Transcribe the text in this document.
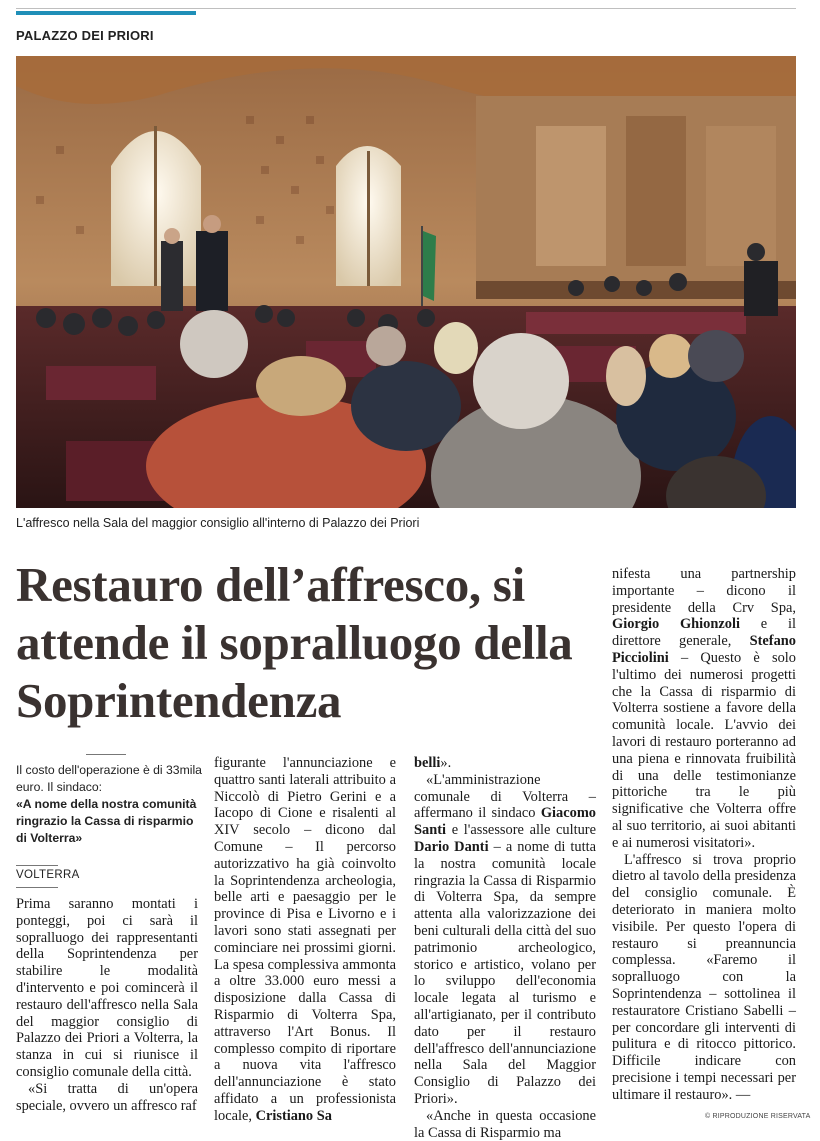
PALAZZO DEI PRIORI
L'affresco nella Sala del maggior consiglio all'interno di Palazzo dei Priori
Restauro dell’affresco, si attende il sopralluogo della Soprintendenza
Il costo dell'operazione è di 33mila euro. Il sindaco:
«A nome della nostra comunità ringrazio la Cassa di risparmio di Volterra»
VOLTERRA

Prima saranno montati i ponteggi, poi ci sarà il sopralluogo dei rappresentanti della Soprintendenza per stabilire le modalità d'intervento e poi comincerà il restauro dell'affresco nella Sala del maggior consiglio di Palazzo dei Priori a Volterra, la stanza in cui si riunisce il consiglio comunale della città.

«Si tratta di un'opera speciale, ovvero un affresco raf

figurante l'annunciazione e quattro santi laterali attribuito a Niccolò di Pietro Gerini e a Iacopo di Cione e risalenti al XIV secolo – dicono dal Comune – Il percorso autorizzativo ha già coinvolto la Soprintendenza archeologia, belle arti e paesaggio per le province di Pisa e Livorno e i lavori sono stati assegnati per cominciare nei prossimi giorni. La spesa complessiva ammonta a oltre 33.000 euro messi a disposizione dalla Cassa di Risparmio di Volterra Spa, attraverso l'Art Bonus. Il complesso compito di riportare a nuova vita l'affresco dell'annunciazione è stato affidato a un professionista locale, Cristiano Sa

belli».

«L'amministrazione comunale di Volterra – affermano il sindaco Giacomo Santi e l'assessore alle culture Dario Danti – a nome di tutta la nostra comunità locale ringrazia la Cassa di Risparmio di Volterra Spa, da sempre attenta alla valorizzazione dei beni culturali della città del suo patrimonio archeologico, storico e artistico, volano per lo sviluppo dell'economia locale legata al turismo e all'artigianato, per il contributo dato per il restauro dell'affresco dell'annunciazione nella Sala del Maggior Consiglio di Palazzo dei Priori».

«Anche in questa occasione la Cassa di Risparmio ma

nifesta una partnership importante – dicono il presidente della Crv Spa, Giorgio Ghionzoli e il direttore generale, Stefano Picciolini – Questo è solo l'ultimo dei numerosi progetti che la Cassa di risparmio di Volterra sostiene a favore della comunità locale. L'avvio dei lavori di restauro porteranno ad una piena e rinnovata fruibilità di una delle testimonianze pittoriche tra le più significative che Volterra offre al suo territorio, ai suoi abitanti e ai numerosi visitatori».

L'affresco si trova proprio dietro al tavolo della presidenza del consiglio comunale. È deteriorato in maniera molto visibile. Per questo l'opera di restauro si preannuncia complessa. «Faremo il sopralluogo con la Soprintendenza – sottolinea il restauratore Cristiano Sabelli – per concordare gli interventi di pulitura e di ritocco pittorico. Difficile indicare con precisione i tempi necessari per ultimare il restauro». —

© RIPRODUZIONE RISERVATA
